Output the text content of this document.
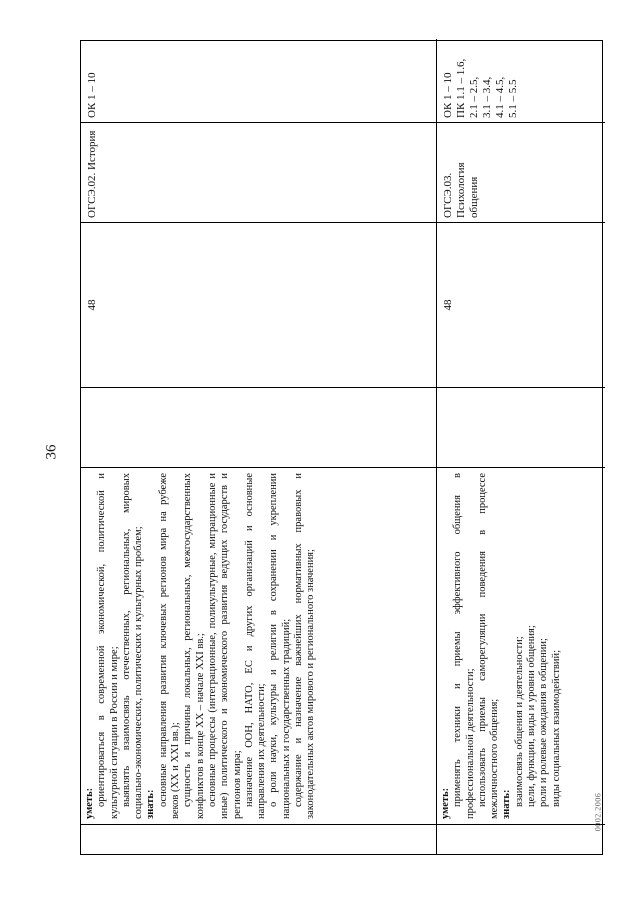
36
уметь: ориентироваться в современной экономической, политической и культурной ситуации в России и мире; выявлять взаимосвязь отечественных, региональных, мировых социально-экономических, политических и культурных проблем; знать: основные направления развития ключевых регионов мира на рубеже веков (XX и XXI вв.); сущность и причины локальных, региональных, межгосударственных конфликтов в конце XX – начале XXI вв.; основные процессы (интеграционные, поликультурные, миграционные и иные) политического и экономического развития ведущих государств и регионов мира; назначение ООН, НАТО, ЕС и других организаций и основные направления их деятельности; о роли науки, культуры и религии в сохранении и укреплении национальных и государственных традиций; содержание и назначение важнейших нормативных правовых и законодательных актов мирового и регионального значения;
48
ОГСЭ.02. История
ОК 1 – 10
уметь: применять техники и приемы эффективного общения в профессиональной деятельности; использовать приемы саморегуляции поведения в процессе межличностного общения; знать: взаимосвязь общения и деятельности; цели, функции, виды и уровни общения; роли и ролевые ожидания в общении; виды социальных взаимодействий;
48
ОГСЭ.03. Психология общения
ОК 1 – 10 ПК 1.1 – 1.6, 2.1 – 2.5, 3.1 – 3.4, 4.1 – 4.5, 5.1 – 5.5
0002.2006
